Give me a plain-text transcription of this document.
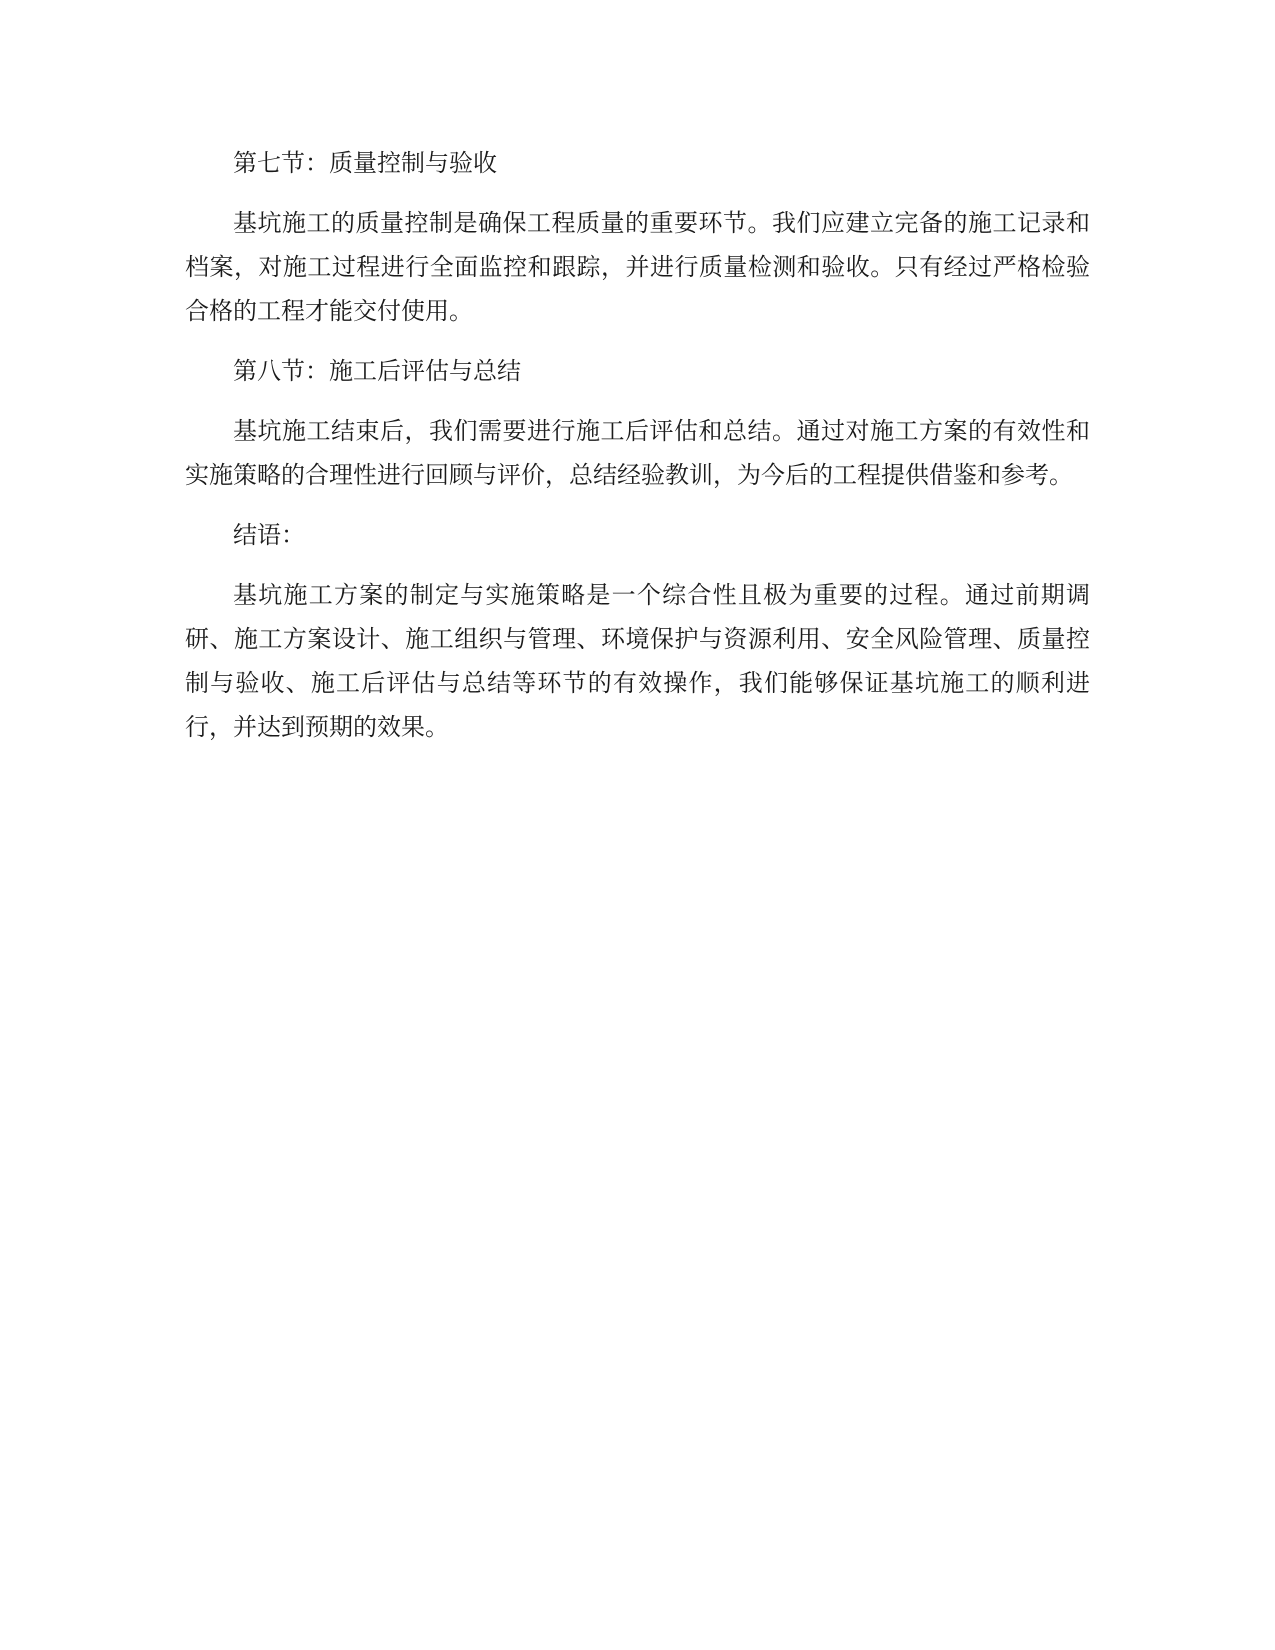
第七节：质量控制与验收

基坑施工的质量控制是确保工程质量的重要环节。我们应建立完备的施工记录和档案，对施工过程进行全面监控和跟踪，并进行质量检测和验收。只有经过严格检验合格的工程才能交付使用。

第八节：施工后评估与总结

基坑施工结束后，我们需要进行施工后评估和总结。通过对施工方案的有效性和实施策略的合理性进行回顾与评价，总结经验教训，为今后的工程提供借鉴和参考。

结语：

基坑施工方案的制定与实施策略是一个综合性且极为重要的过程。通过前期调研、施工方案设计、施工组织与管理、环境保护与资源利用、安全风险管理、质量控制与验收、施工后评估与总结等环节的有效操作，我们能够保证基坑施工的顺利进行，并达到预期的效果。
